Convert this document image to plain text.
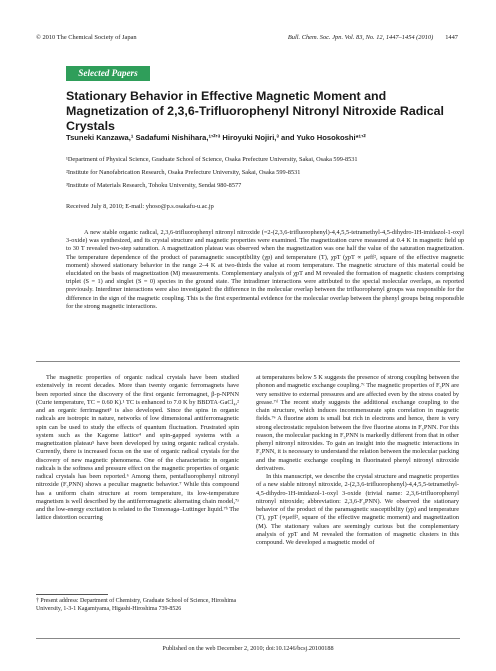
© 2010 The Chemical Society of Japan	Bull. Chem. Soc. Jpn. Vol. 83, No. 12, 1447–1454 (2010) 1447
Selected Papers
Stationary Behavior in Effective Magnetic Moment and Magnetization of 2,3,6-Trifluorophenyl Nitronyl Nitroxide Radical Crystals
Tsuneki Kanzawa,¹ Sadafumi Nishihara,¹ʼ²ʼ³ Hiroyuki Nojiri,³ and Yuko Hosokoshi*¹ʼ²
¹Department of Physical Science, Graduate School of Science, Osaka Prefecture University, Sakai, Osaka 599-8531
²Institute for Nanofabrication Research, Osaka Prefecture University, Sakai, Osaka 599-8531
³Institute of Materials Research, Tohoku University, Sendai 980-8577
Received July 8, 2010; E-mail: yhoso@p.s.osakafu-u.ac.jp

A new stable organic radical, 2,3,6-trifluorophenyl nitronyl nitroxide (=2-(2,3,6-trifluorophenyl)-4,4,5,5-tetramethyl-4,5-dihydro-1H-imidazol-1-oxyl 3-oxide) was synthesized, and its crystal structure and magnetic properties were examined. The magnetization curve measured at 0.4 K in magnetic field up to 30 T revealed two-step saturation. A magnetization plateau was observed when the magnetization was one half the value of the saturation magnetization. The temperature dependence of the product of paramagnetic susceptibility (χp) and temperature (T), χpT (χpT ∝ μeff², square of the effective magnetic moment) showed stationary behavior in the range 2–4 K at two-thirds the value at room temperature. The magnetic structure of this material could be elucidated on the basis of magnetization (M) measurements. Complementary analysis of χpT and M revealed the formation of magnetic clusters comprising triplet (S = 1) and singlet (S = 0) species in the ground state. The intradimer interactions were attributed to the special molecular overlaps, as reported previously. Interdimer interactions were also investigated: the difference in the molecular overlap between the trifluorophenyl groups was responsible for the difference in the sign of the magnetic coupling. This is the first experimental evidence for the molecular overlap between the phenyl groups being responsible for the strong magnetic interactions.

The magnetic properties of organic radical crystals have been studied extensively in recent decades. More than twenty organic ferromagnets have been reported since the discovery of the first organic ferromagnet, β-p-NPNN (Curie temperature, TC = 0.60 K).¹ TC is enhanced to 7.0 K by BBDTA·GaCl₄,² and an organic ferrimagnet³ is also developed. Since the spins in organic radicals are isotropic in nature, networks of low dimensional antiferromagnetic spin can be used to study the effects of quantum fluctuation. Frustrated spin system such as the Kagome lattice⁴ and spin-gapped systems with a magnetization plateau⁵ have been developed by using organic radical crystals. Currently, there is increased focus on the use of organic radical crystals for the discovery of new magnetic phenomena. One of the characteristic in organic radicals is the softness and pressure effect on the magnetic properties of organic radical crystals has been reported.⁶ Among them, pentafluorophenyl nitronyl nitroxide (F₅PNN) shows a peculiar magnetic behavior.⁷ While this compound has a uniform chain structure at room temperature, its low-temperature magnetism is well described by the antiferromagnetic alternating chain model,⁷ᵃ and the low-energy excitation is related to the Tomonaga–Luttinger liquid.⁷ᵇ The lattice distortion occurring

at temperatures below 5 K suggests the presence of strong coupling between the phonon and magnetic exchange coupling.⁷ᶜ The magnetic properties of F₅PN are very sensitive to external pressures and are affected even by the stress coated by grease.⁷ᵈ The recent study suggests the additional exchange coupling to the chain structure, which induces incommensurate spin correlation in magnetic fields.⁷ᵉ A fluorine atom is small but rich in electrons and hence, there is very strong electrostatic repulsion between the five fluorine atoms in F₅PNN. For this reason, the molecular packing in F₅PNN is markedly different from that in other phenyl nitronyl nitroxides. To gain an insight into the magnetic interactions in F₅PNN, it is necessary to understand the relation between the molecular packing and the magnetic exchange coupling in fluorinated phenyl nitronyl nitroxide derivatives.

In this manuscript, we describe the crystal structure and magnetic properties of a new stable nitronyl nitroxide, 2-(2,3,6-trifluorophenyl)-4,4,5,5-tetramethyl-4,5-dihydro-1H-imidazol-1-oxyl 3-oxide (trivial name: 2,3,6-trifluorophenyl nitronyl nitroxide; abbreviation: 2,3,6-F₃PNN). We observed the stationary behavior of the product of the paramagnetic susceptibility (χp) and temperature (T), χpT (∝μeff², square of the effective magnetic moment) and magnetization (M). The stationary values are seemingly curious but the complementary analysis of χpT and M revealed the formation of magnetic clusters in this compound. We developed a magnetic model of

† Present address: Department of Chemistry, Graduate School of Science, Hiroshima University, 1-3-1 Kagamiyama, Higashi-Hiroshima 739-8526
Published on the web December 2, 2010; doi:10.1246/bcsj.20100188
